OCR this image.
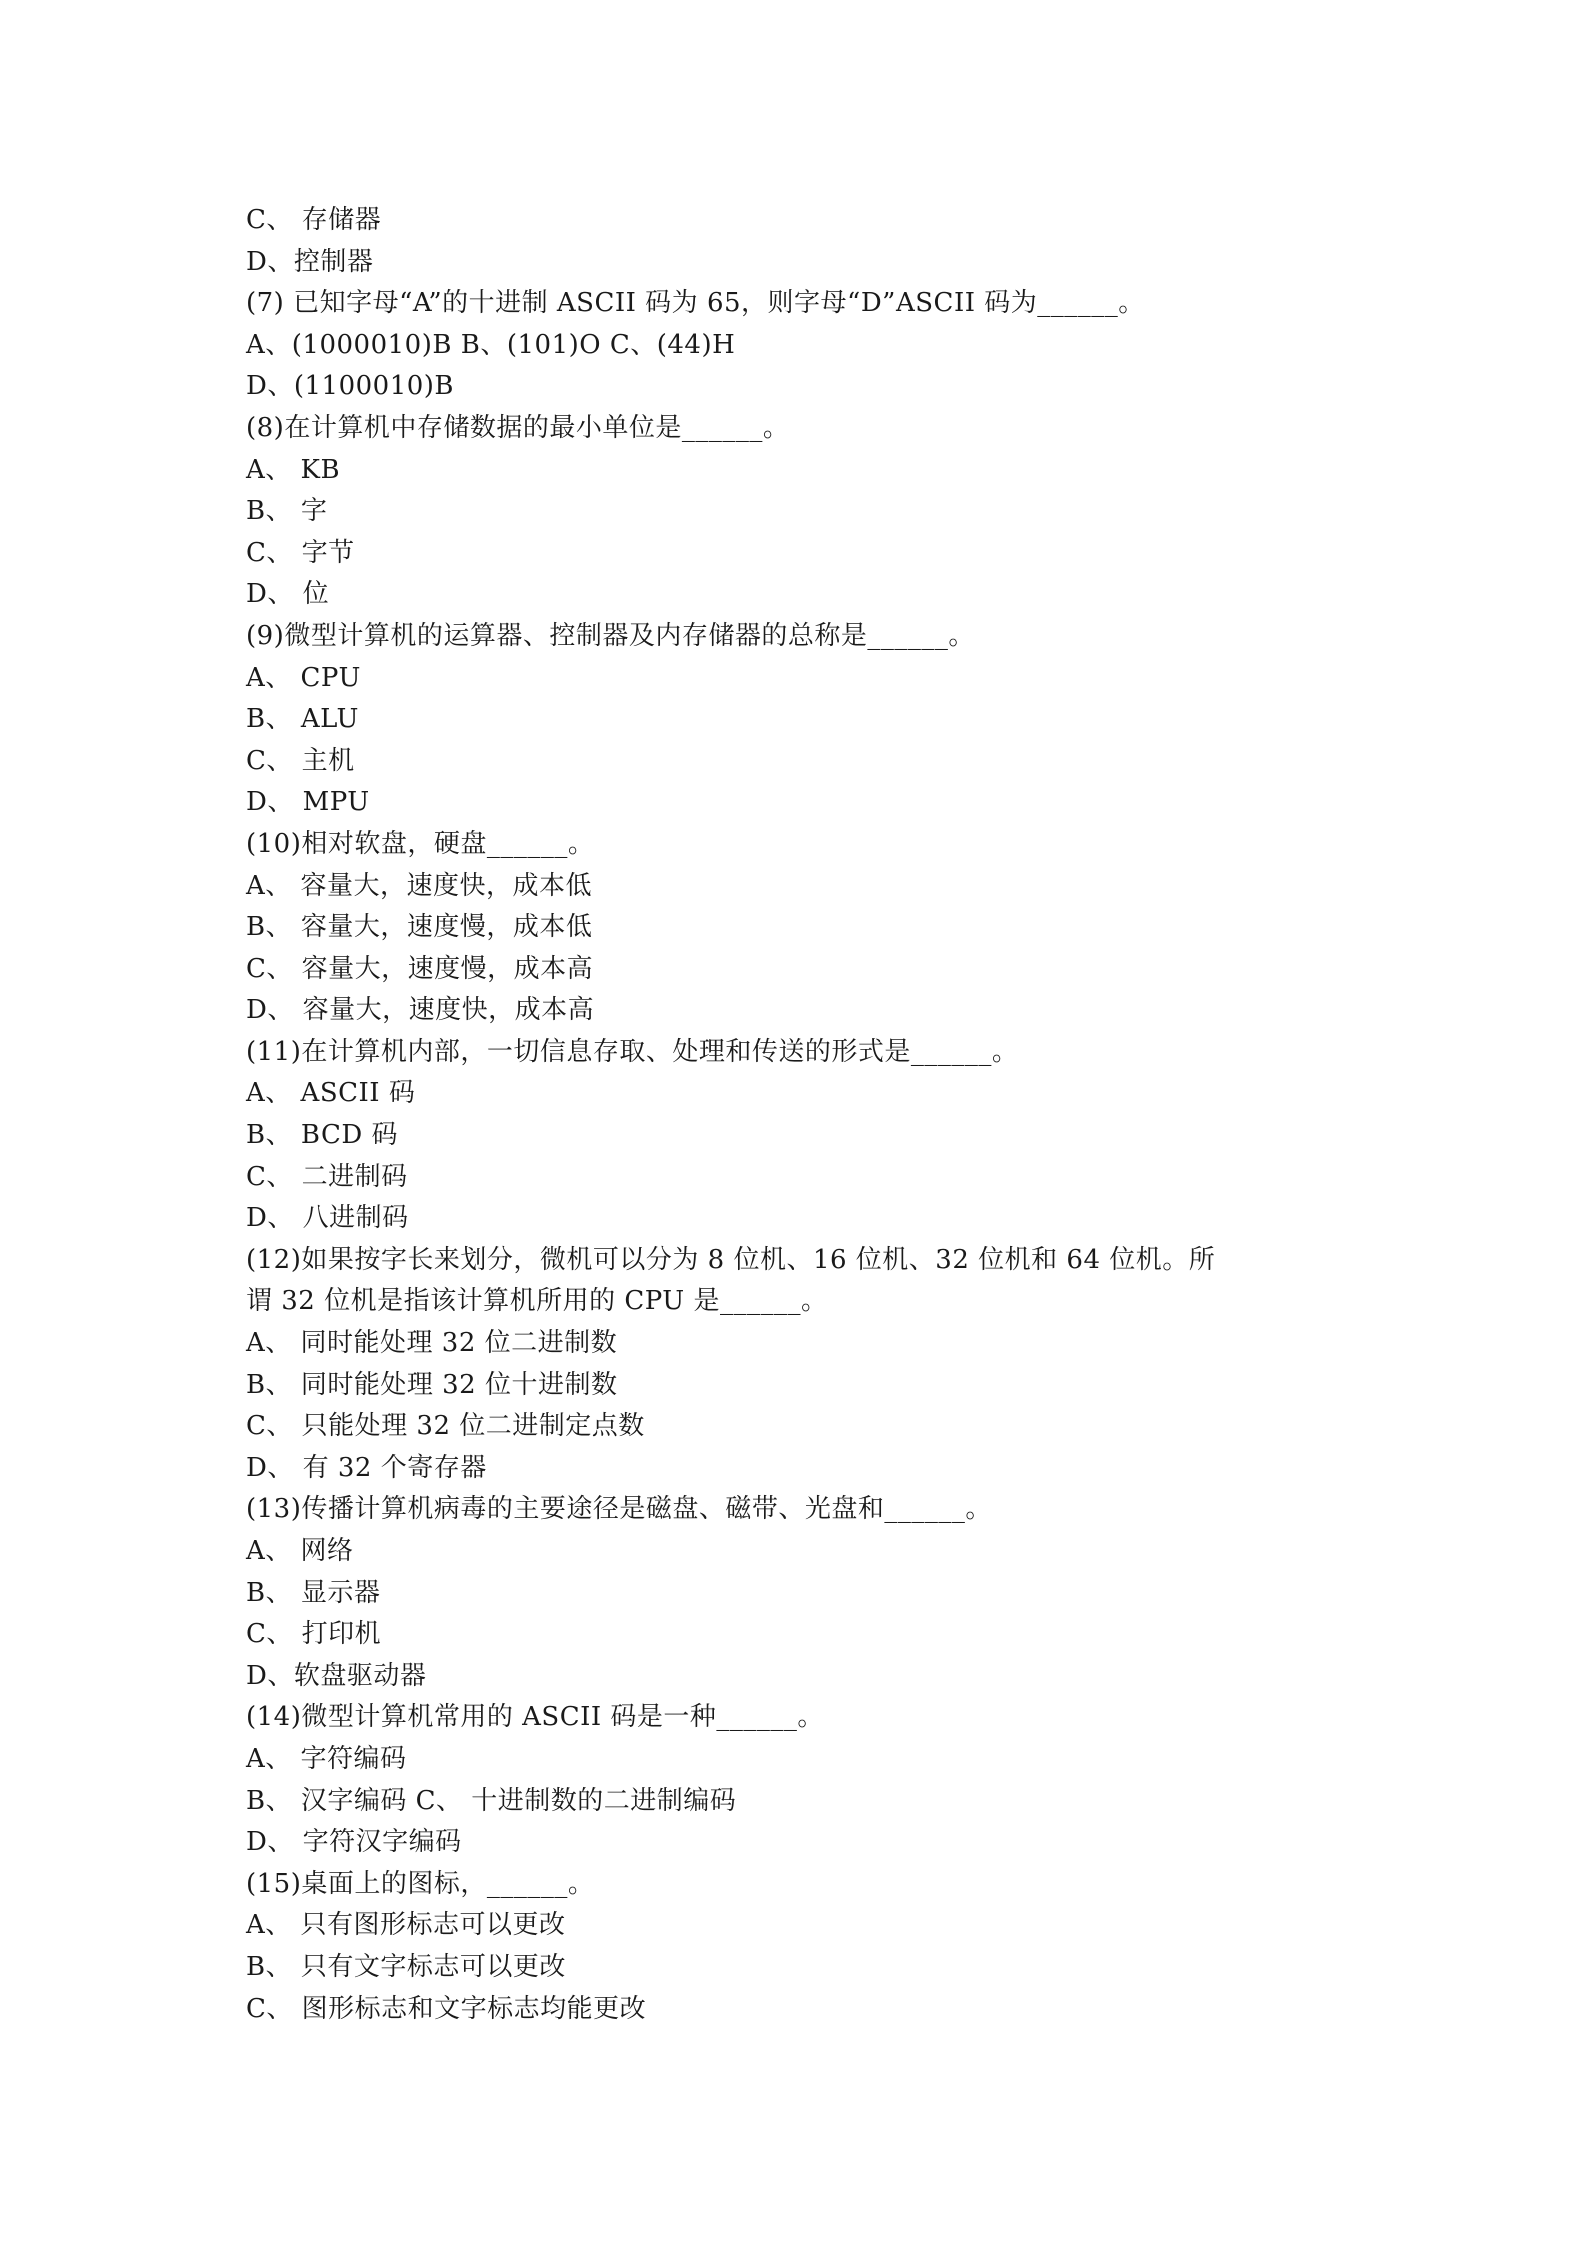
C、 存储器
D、控制器
(7) 已知字母“A”的十进制 ASCII 码为 65，则字母“D”ASCII 码为______。
A、(1000010)B B、(101)O C、(44)H
D、(1100010)B
(8)在计算机中存储数据的最小单位是______。
A、 KB
B、 字
C、 字节
D、 位
(9)微型计算机的运算器、控制器及内存储器的总称是______。
A、 CPU
B、 ALU
C、 主机
D、 MPU
(10)相对软盘，硬盘______。
A、 容量大，速度快，成本低
B、 容量大，速度慢，成本低
C、 容量大，速度慢，成本高
D、 容量大，速度快，成本高
(11)在计算机内部，一切信息存取、处理和传送的形式是______。
A、 ASCII 码
B、 BCD 码
C、 二进制码
D、 八进制码
(12)如果按字长来划分，微机可以分为 8 位机、16 位机、32 位机和 64 位机。所
谓 32 位机是指该计算机所用的 CPU 是______。
A、 同时能处理 32 位二进制数
B、 同时能处理 32 位十进制数
C、 只能处理 32 位二进制定点数
D、 有 32 个寄存器
(13)传播计算机病毒的主要途径是磁盘、磁带、光盘和______。
A、 网络
B、 显示器
C、 打印机
D、软盘驱动器
(14)微型计算机常用的 ASCII 码是一种______。
A、 字符编码
B、 汉字编码 C、 十进制数的二进制编码
D、 字符汉字编码
(15)桌面上的图标，______。
A、 只有图形标志可以更改
B、 只有文字标志可以更改
C、 图形标志和文字标志均能更改
